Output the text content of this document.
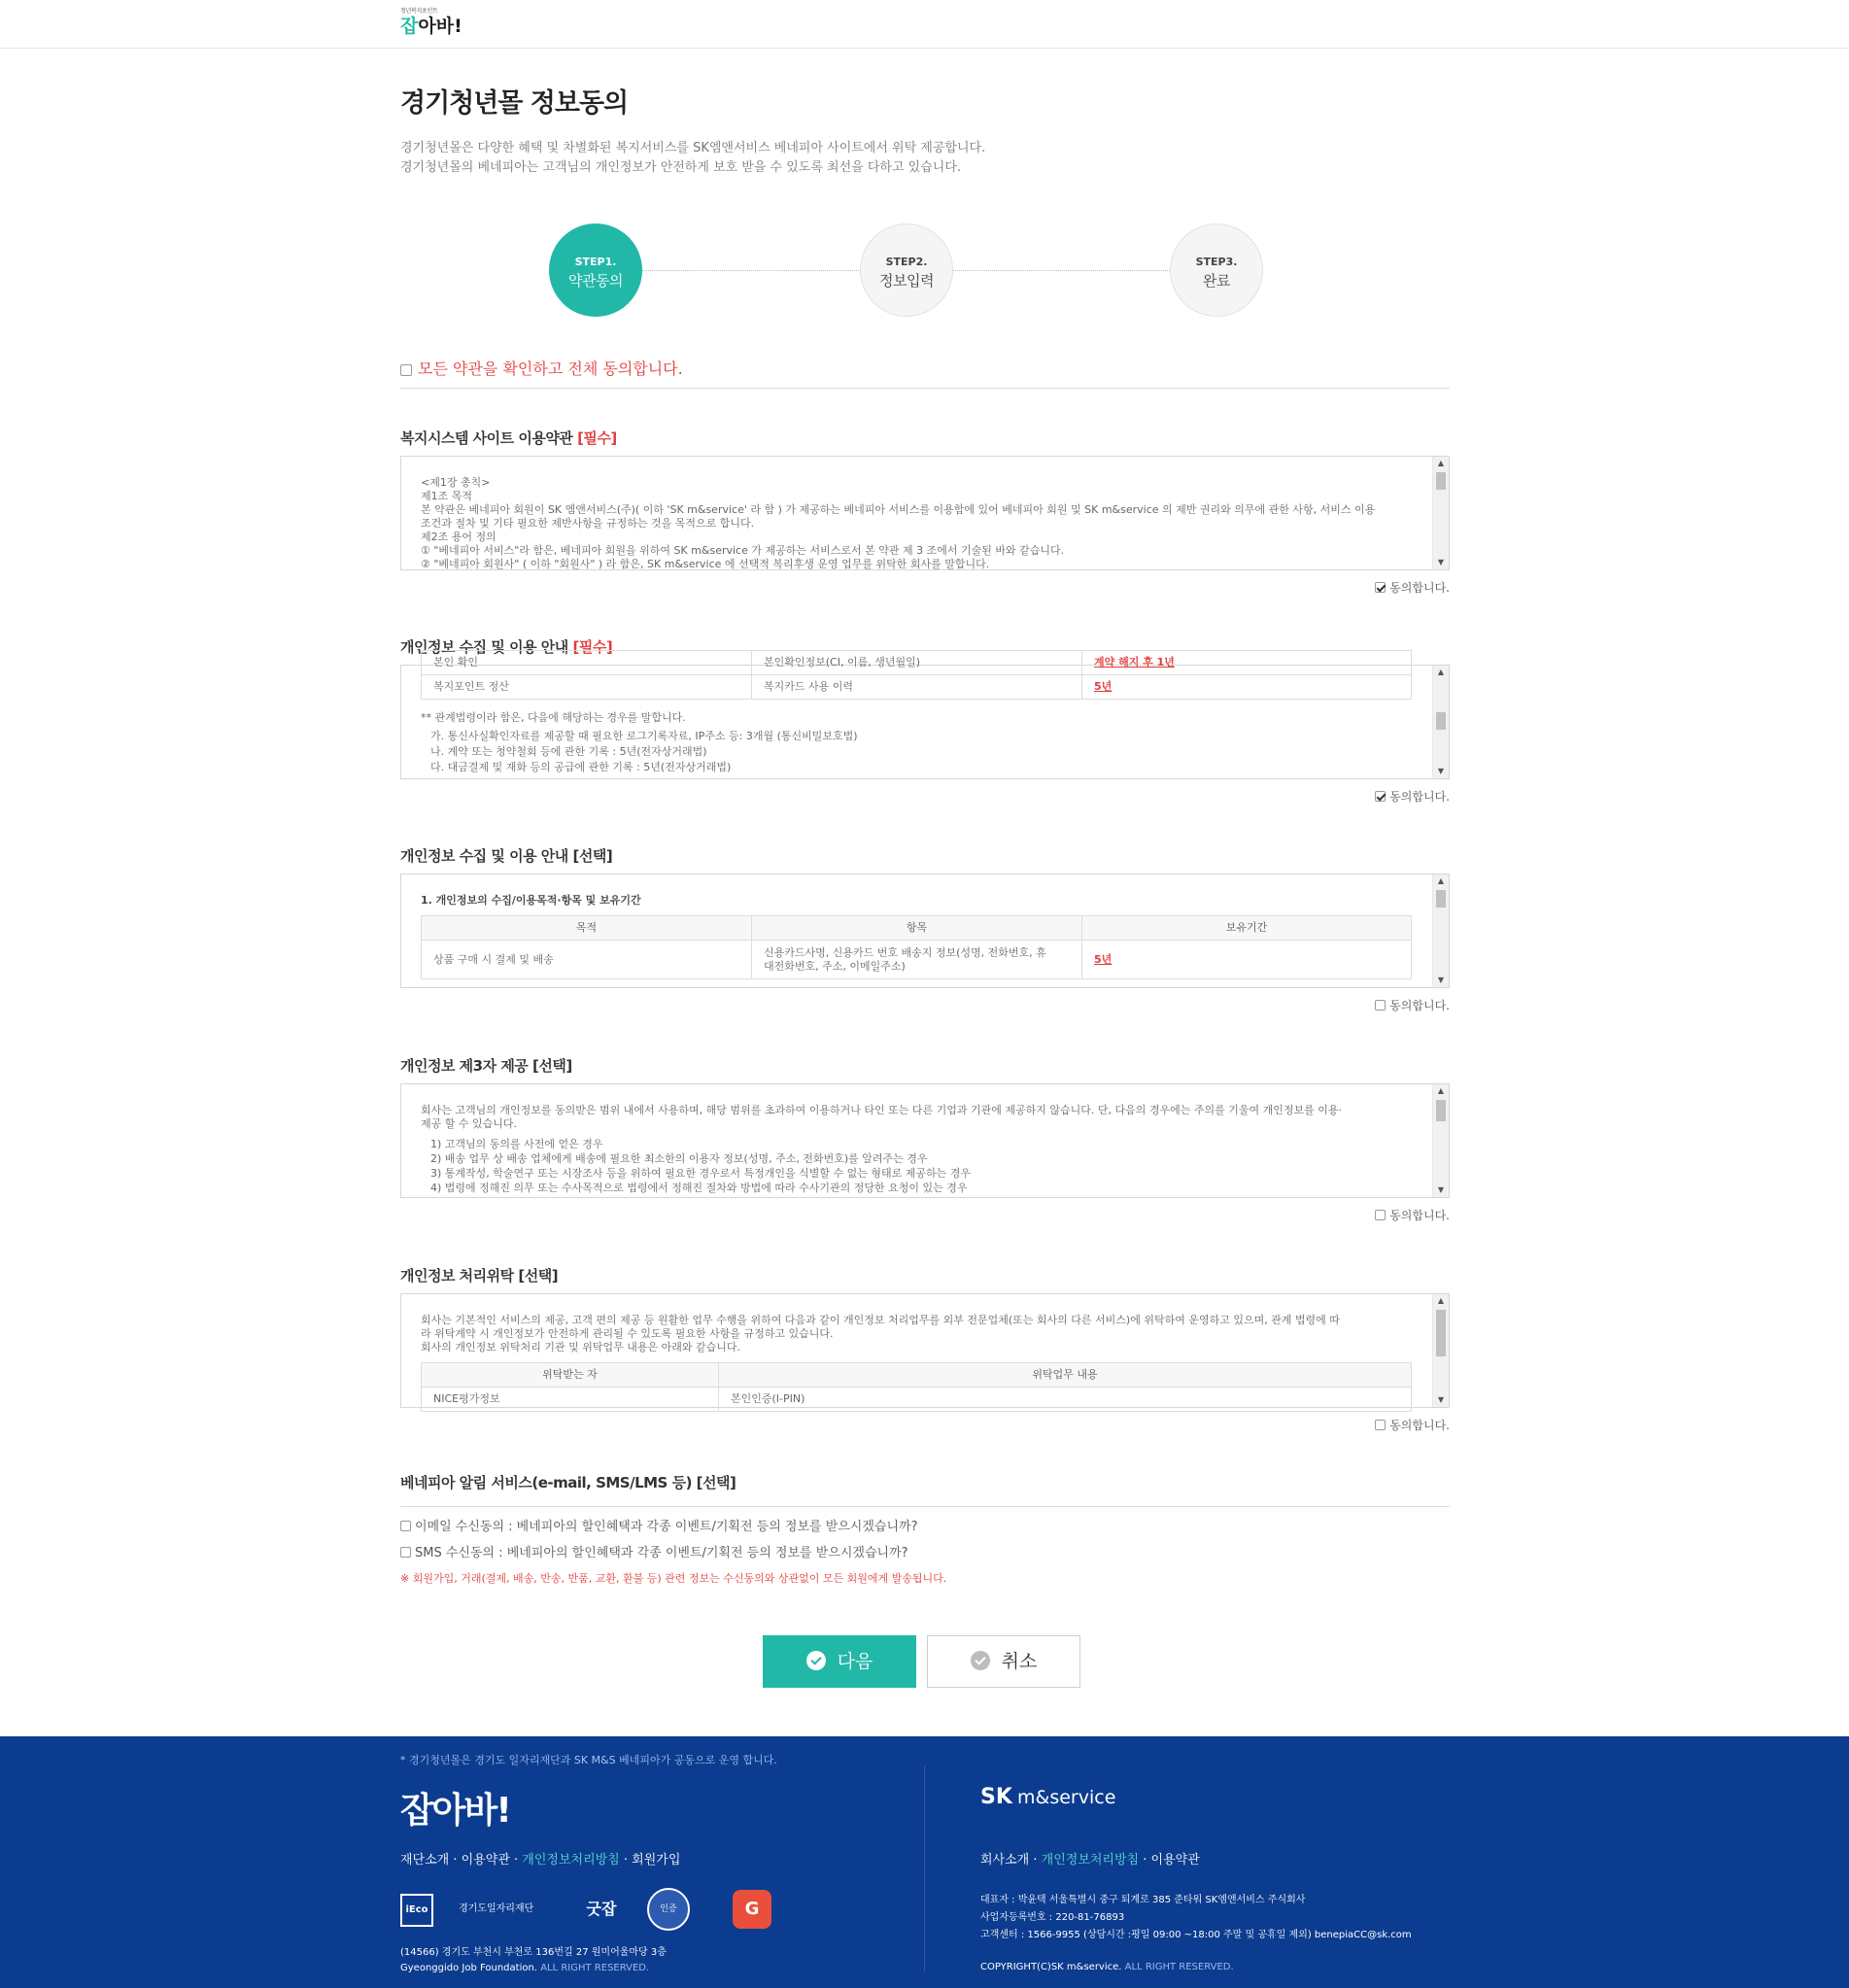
청년복지포인트
잡아바!
경기청년몰 정보동의
경기청년몰은 다양한 혜택 및 차별화된 복지서비스를 SK엠앤서비스 베네피아 사이트에서 위탁 제공합니다.
경기청년몰의 베네피아는 고객님의 개인정보가 안전하게 보호 받을 수 있도록 최선을 다하고 있습니다.
STEP1.
약관동의
STEP2.
정보입력
STEP3.
완료
모든 약관을 확인하고 전체 동의합니다.
복지시스템 사이트 이용약관 [필수]
<제1장 총칙>
제1조 목적
본 약관은 베네피아 회원이 SK 엠앤서비스(주)( 이하 'SK m&service' 라 함 ) 가 제공하는 베네피아 서비스를 이용함에 있어 베네피아 회원 및 SK m&service 의 제반 권리와 의무에 관한 사항, 서비스 이용
조건과 절차 및 기타 필요한 제반사항을 규정하는 것을 목적으로 합니다.
제2조 용어 정의
① "베네피아 서비스"라 함은, 베네피아 회원을 위하여 SK m&service 가 제공하는 서비스로서 본 약관 제 3 조에서 기술된 바와 같습니다.
② "베네피아 회원사" ( 이하 "회원사" ) 라 함은, SK m&service 에 선택적 복리후생 운영 업무를 위탁한 회사를 말합니다.
▲
▼
동의합니다.
개인정보 수집 및 이용 안내 [필수]
본인 확인	본인확인정보(CI, 이름, 생년월일)	계약 해지 후 1년
복지포인트 정산	복지카드 사용 이력	5년
** 관계법령이라 함은, 다음에 해당하는 경우를 말합니다.
가. 통신사실확인자료를 제공할 때 필요한 로그기록자료, IP주소 등: 3개월 (통신비밀보호법)
나. 계약 또는 청약철회 등에 관한 기록 : 5년(전자상거래법)
다. 대금결제 및 재화 등의 공급에 관한 기록 : 5년(전자상거래법)
▲
▼
동의합니다.
개인정보 수집 및 이용 안내 [선택]
1. 개인정보의 수집/이용목적·항목 및 보유기간
목적	항목	보유기간
상품 구매 시 결제 및 배송	신용카드사명, 신용카드 번호 배송지 정보(성명, 전화번호, 휴
대전화번호, 주소, 이메일주소)	5년
▲
▼
동의합니다.
개인정보 제3자 제공 [선택]
회사는 고객님의 개인정보를 동의받은 범위 내에서 사용하며, 해당 범위를 초과하여 이용하거나 타인 또는 다른 기업과 기관에 제공하지 않습니다. 단, 다음의 경우에는 주의를 기울여 개인정보를 이용·
제공 할 수 있습니다.
1) 고객님의 동의를 사전에 얻은 경우
2) 배송 업무 상 배송 업체에게 배송에 필요한 최소한의 이용자 정보(성명, 주소, 전화번호)를 알려주는 경우
3) 통계작성, 학술연구 또는 시장조사 등을 위하여 필요한 경우로서 특정개인을 식별할 수 없는 형태로 제공하는 경우
4) 법령에 정해진 의무 또는 수사목적으로 법령에서 정해진 절차와 방법에 따라 수사기관의 정당한 요청이 있는 경우
▲
▼
동의합니다.
개인정보 처리위탁 [선택]
회사는 기본적인 서비스의 제공, 고객 편의 제공 등 원활한 업무 수행을 위하여 다음과 같이 개인정보 처리업무를 외부 전문업체(또는 회사의 다른 서비스)에 위탁하여 운영하고 있으며, 관계 법령에 따
라 위탁계약 시 개인정보가 안전하게 관리될 수 있도록 필요한 사항을 규정하고 있습니다.
회사의 개인정보 위탁처리 기관 및 위탁업무 내용은 아래와 같습니다.
위탁받는 자	위탁업무 내용
NICE평가정보	본인인증(I-PIN)
▲
▼
동의합니다.
베네피아 알림 서비스(e-mail, SMS/LMS 등) [선택]
이메일 수신동의 : 베네피아의 할인혜택과 각종 이벤트/기획전 등의 정보를 받으시겠습니까?
SMS 수신동의 : 베네피아의 할인혜택과 각종 이벤트/기획전 등의 정보를 받으시겠습니까?
※ 회원가입, 거래(결제, 배송, 반송, 반품, 교환, 환불 등) 관련 정보는 수신동의와 상관없이 모든 회원에게 발송됩니다.
다음	취소
* 경기청년몰은 경기도 일자리재단과 SK M&S 베네피아가 공동으로 운영 합니다.
잡아바!
재단소개 · 이용약관 · 개인정보처리방침 · 회원가입
iEco	경기도일자리재단	굿잡	인증	G
(14566) 경기도 부천시 부천로 136번길 27 원미어울마당 3층
Gyeonggido Job Foundation. ALL RIGHT RESERVED.
SK m&service
회사소개 · 개인정보처리방침 · 이용약관
대표자 : 박윤택 서울특별시 중구 퇴계로 385 준타워 SK엠앤서비스 주식회사
사업자등록번호 : 220-81-76893
고객센터 : 1566-9955 (상담시간 :평일 09:00 ~18:00 주말 및 공휴일 제외) benepiaCC@sk.com
COPYRIGHT(C)SK m&service. ALL RIGHT RESERVED.
